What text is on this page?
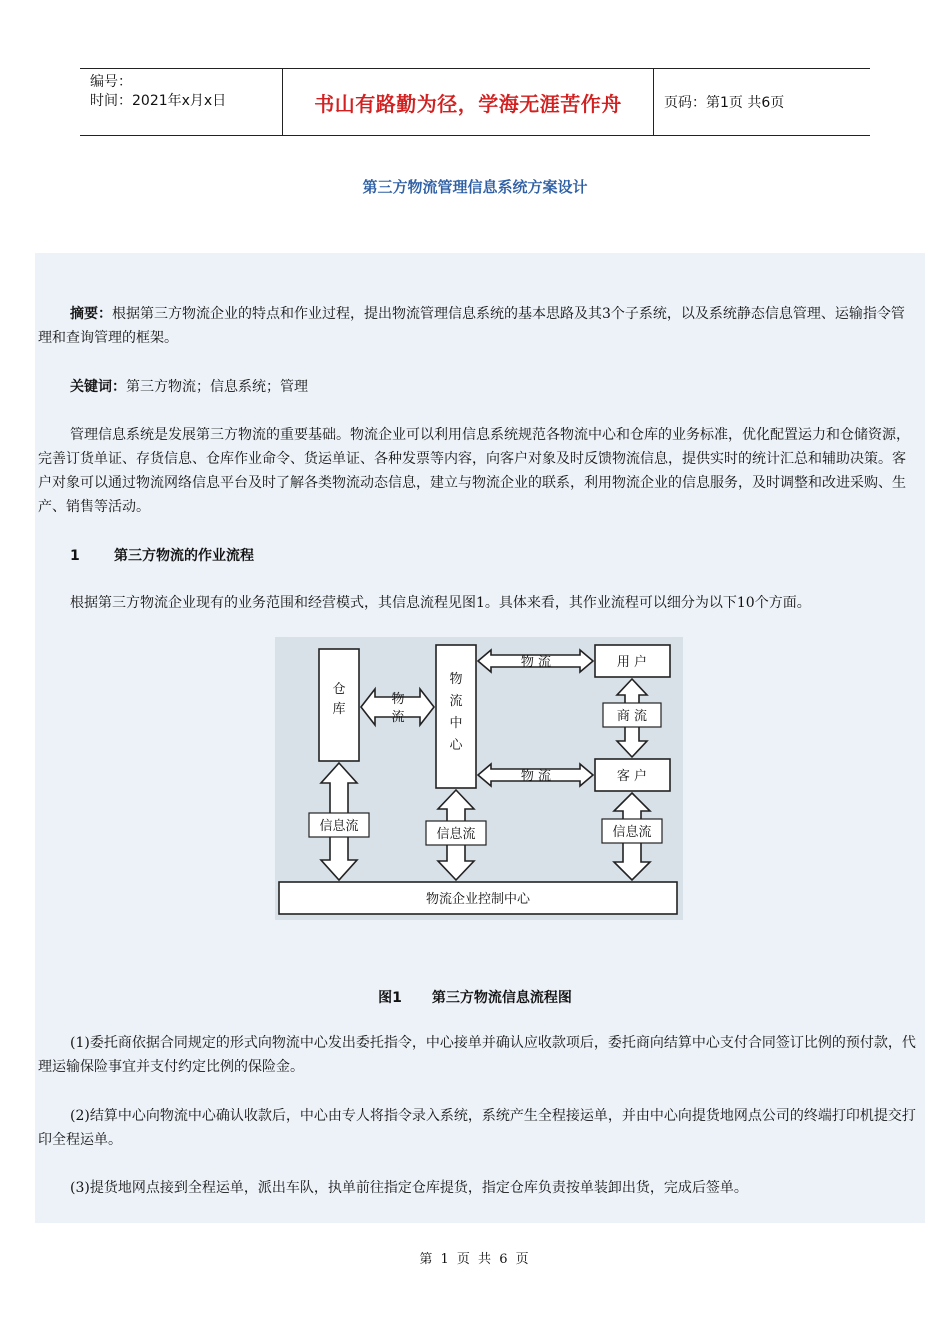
编号：
时间：2021年x月x日	书山有路勤为径，学海无涯苦作舟	页码：第1页 共6页
第三方物流管理信息系统方案设计
摘要：根据第三方物流企业的特点和作业过程，提出物流管理信息系统的基本思路及其3个子系统，以及系统静态信息管理、运输指令管理和查询管理的框架。
关键词：第三方物流；信息系统；管理
管理信息系统是发展第三方物流的重要基础。物流企业可以利用信息系统规范各物流中心和仓库的业务标准，优化配置运力和仓储资源，完善订货单证、存货信息、仓库作业命令、货运单证、各种发票等内容，向客户对象及时反馈物流信息，提供实时的统计汇总和辅助决策。客户对象可以通过物流网络信息平台及时了解各类物流动态信息，建立与物流企业的联系，利用物流企业的信息服务，及时调整和改进采购、生产、销售等活动。
1 第三方物流的作业流程
根据第三方物流企业现有的业务范围和经营模式，其信息流程见图1。具体来看，其作业流程可以细分为以下10个方面。
仓库
物流中心
用 户
客 户
物流
物 流
物 流
商 流
信息流
信息流	信息流
物流企业控制中心
图1 第三方物流信息流程图
(1)委托商依据合同规定的形式向物流中心发出委托指令，中心接单并确认应收款项后，委托商向结算中心支付合同签订比例的预付款，代理运输保险事宜并支付约定比例的保险金。
(2)结算中心向物流中心确认收款后，中心由专人将指令录入系统，系统产生全程接运单，并由中心向提货地网点公司的终端打印机提交打印全程运单。
(3)提货地网点接到全程运单，派出车队，执单前往指定仓库提货，指定仓库负责按单装卸出货，完成后签单。
第 1 页 共 6 页
